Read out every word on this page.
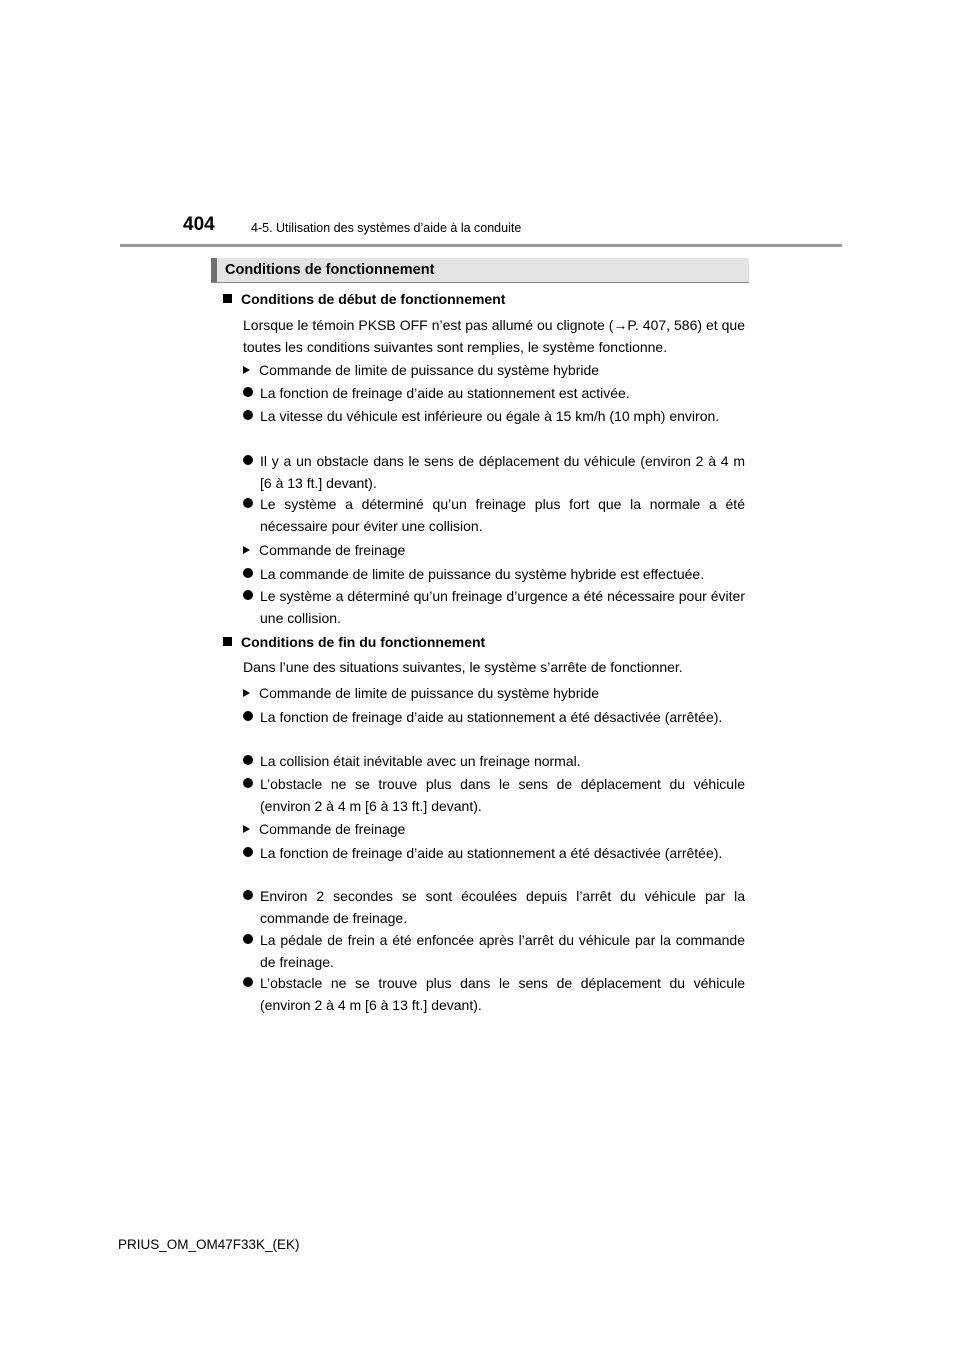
404	4-5. Utilisation des systèmes d’aide à la conduite
Conditions de fonctionnement
Conditions de début de fonctionnement
Lorsque le témoin PKSB OFF n’est pas allumé ou clignote (→P. 407, 586) et que toutes les conditions suivantes sont remplies, le système fonctionne.
Commande de limite de puissance du système hybride
La fonction de freinage d’aide au stationnement est activée.
La vitesse du véhicule est inférieure ou égale à 15 km/h (10 mph) environ.
Il y a un obstacle dans le sens de déplacement du véhicule (environ 2 à 4 m [6 à 13 ft.] devant).
Le système a déterminé qu’un freinage plus fort que la normale a été nécessaire pour éviter une collision.
Commande de freinage
La commande de limite de puissance du système hybride est effectuée.
Le système a déterminé qu’un freinage d’urgence a été nécessaire pour éviter une collision.
Conditions de fin du fonctionnement
Dans l’une des situations suivantes, le système s’arrête de fonctionner.
Commande de limite de puissance du système hybride
La fonction de freinage d’aide au stationnement a été désactivée (arrêtée).
La collision était inévitable avec un freinage normal.
L’obstacle ne se trouve plus dans le sens de déplacement du véhicule (environ 2 à 4 m [6 à 13 ft.] devant).
Commande de freinage
La fonction de freinage d’aide au stationnement a été désactivée (arrêtée).
Environ 2 secondes se sont écoulées depuis l’arrêt du véhicule par la commande de freinage.
La pédale de frein a été enfoncée après l’arrêt du véhicule par la commande de freinage.
L’obstacle ne se trouve plus dans le sens de déplacement du véhicule (environ 2 à 4 m [6 à 13 ft.] devant).
PRIUS_OM_OM47F33K_(EK)
